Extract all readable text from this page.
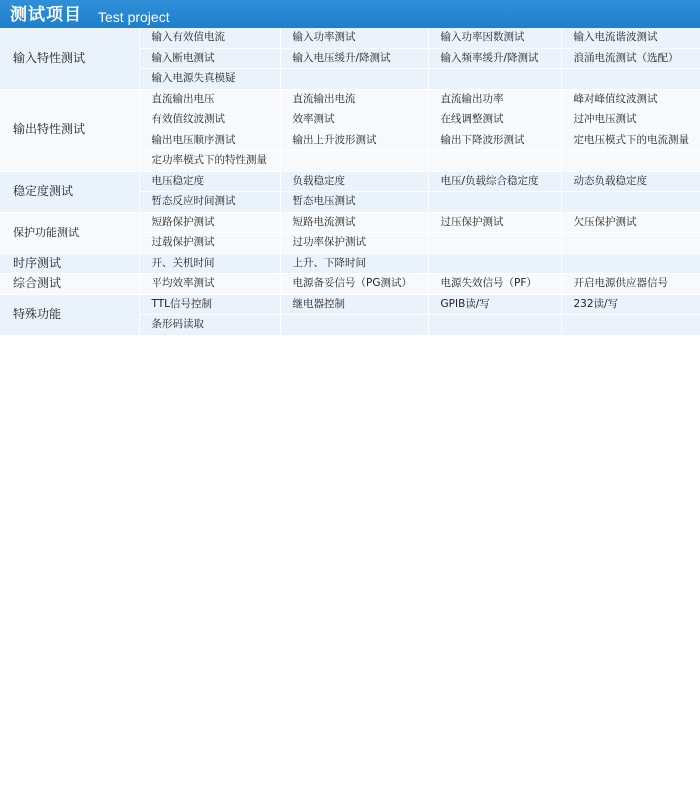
测试项目 Test project
输入特性测试	输入有效值电流	输入功率测试	输入功率因数测试	输入电流谐波测试
	输入断电测试	输入电压缓升/降测试	输入频率缓升/降测试	浪涌电流测试（选配）
	输入电源失真模疑			
输出特性测试	直流输出电压	直流输出电流	直流输出功率	峰对峰值纹波测试
	有效值纹波测试	效率测试	在线调整测试	过冲电压测试
	输出电压顺序测试	输出上升波形测试	输出下降波形测试	定电压模式下的电流测量
	定功率模式下的特性测量			
稳定度测试	电压稳定度	负载稳定度	电压/负载综合稳定度	动态负载稳定度
	暂态反应时间测试	暂态电压测试		
保护功能测试	短路保护测试	短路电流测试	过压保护测试	欠压保护测试
	过载保护测试	过功率保护测试		
时序测试	开、关机时间	上升、下降时间		
综合测试	平均效率测试	电源备妥信号（PG测试）	电源失效信号（PF）	开启电源供应器信号
特殊功能	TTL信号控制	继电器控制	GPIB读/写	232读/写
	条形码读取			
